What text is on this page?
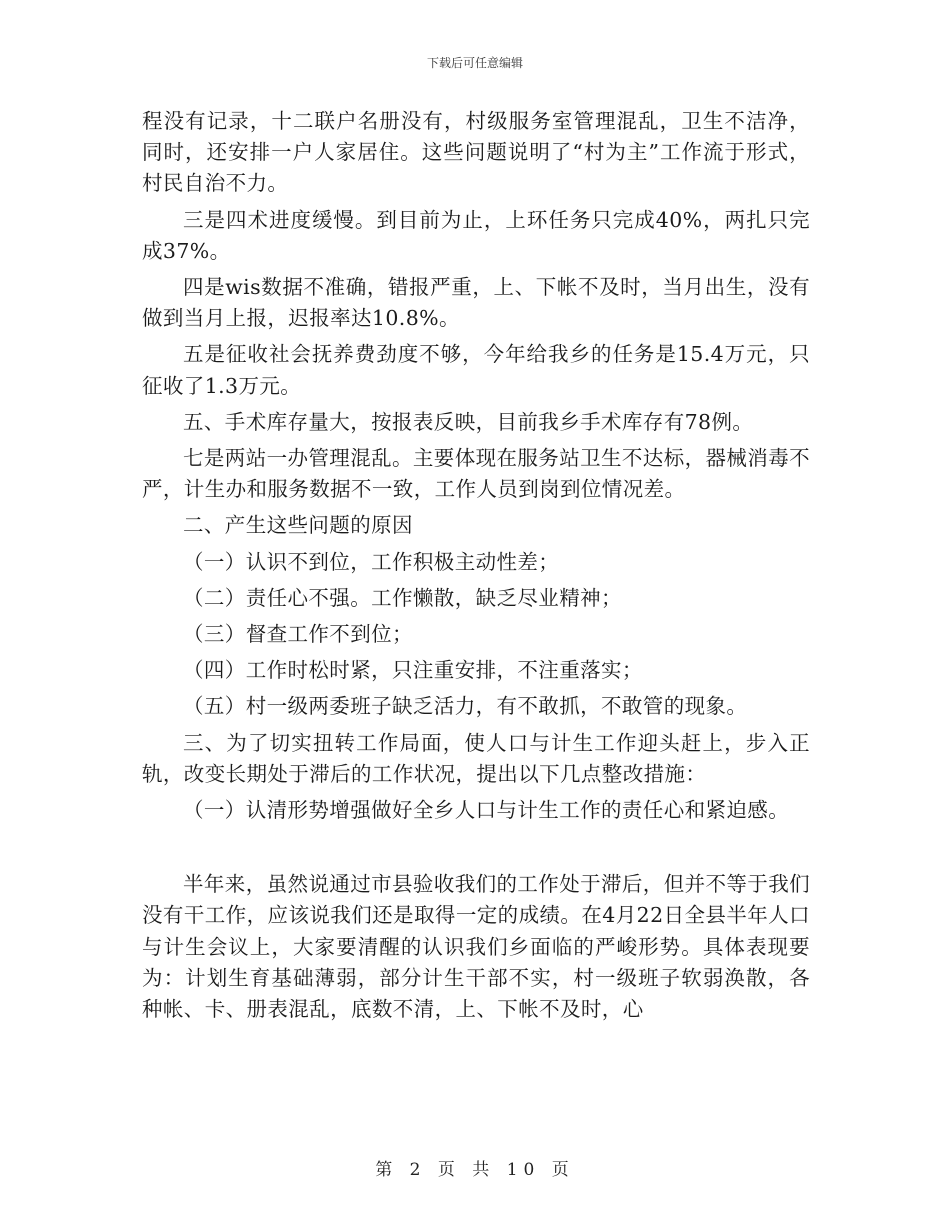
下载后可任意编辑

程没有记录，十二联户名册没有，村级服务室管理混乱，卫生不洁净，同时，还安排一户人家居住。这些问题说明了“村为主”工作流于形式，村民自治不力。

三是四术进度缓慢。到目前为止，上环任务只完成40%，两扎只完成37%。

四是wis数据不准确，错报严重，上、下帐不及时，当月出生，没有做到当月上报，迟报率达10.8%。

五是征收社会抚养费劲度不够，今年给我乡的任务是15.4万元，只征收了1.3万元。

五、手术库存量大，按报表反映，目前我乡手术库存有78例。

七是两站一办管理混乱。主要体现在服务站卫生不达标，器械消毒不严，计生办和服务数据不一致，工作人员到岗到位情况差。

二、产生这些问题的原因

（一）认识不到位，工作积极主动性差；

（二）责任心不强。工作懒散，缺乏尽业精神；

（三）督查工作不到位；

（四）工作时松时紧，只注重安排，不注重落实；

（五）村一级两委班子缺乏活力，有不敢抓，不敢管的现象。

三、为了切实扭转工作局面，使人口与计生工作迎头赶上，步入正轨，改变长期处于滞后的工作状况，提出以下几点整改措施：

（一）认清形势增强做好全乡人口与计生工作的责任心和紧迫感。

半年来，虽然说通过市县验收我们的工作处于滞后，但并不等于我们没有干工作，应该说我们还是取得一定的成绩。在4月22日全县半年人口与计生会议上，大家要清醒的认识我们乡面临的严峻形势。具体表现要为：计划生育基础薄弱，部分计生干部不实，村一级班子软弱涣散，各种帐、卡、册表混乱，底数不清，上、下帐不及时，心

第 2 页 共 10 页
